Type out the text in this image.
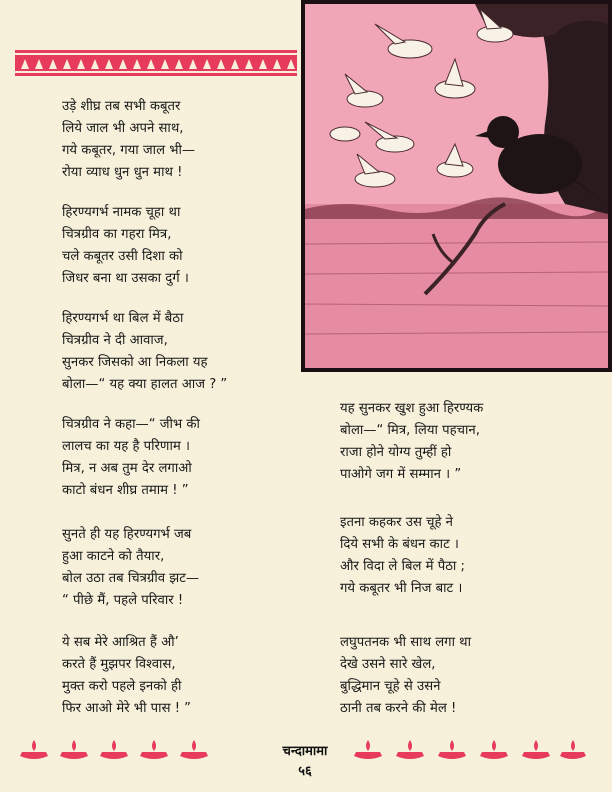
उड़े शीघ्र तब सभी कबूतर
लिये जाल भी अपने साथ,
गये कबूतर, गया जाल भी—
रोया व्याध धुन धुन माथ !
हिरण्यगर्भ नामक चूहा था
चित्रग्रीव का गहरा मित्र,
चले कबूतर उसी दिशा को
जिधर बना था उसका दुर्ग ।
हिरण्यगर्भ था बिल में बैठा
चित्रग्रीव ने दी आवाज,
सुनकर जिसको आ निकला यह
बोला—“ यह क्या हालत आज ? ”
चित्रग्रीव ने कहा—“ जीभ की
लालच का यह है परिणाम ।
मित्र, न अब तुम देर लगाओ
काटो बंधन शीघ्र तमाम ! ”
सुनते ही यह हिरण्यगर्भ जब
हुआ काटने को तैयार,
बोल उठा तब चित्रग्रीव झट—
“ पीछे मैं, पहले परिवार !
ये सब मेरे आश्रित हैं औ’
करते हैं मुझपर विश्वास,
मुक्त करो पहले इनको ही
फिर आओ मेरे भी पास ! ”
यह सुनकर खुश हुआ हिरण्यक
बोला—“ मित्र, लिया पहचान,
राजा होने योग्य तुम्हीं हो
पाओगे जग में सम्मान । ”
इतना कहकर उस चूहे ने
दिये सभी के बंधन काट ।
और विदा ले बिल में पैठा ;
गये कबूतर भी निज बाट ।
लघुपतनक भी साथ लगा था
देखे उसने सारे खेल,
बुद्धिमान चूहे से उसने
ठानी तब करने की मेल !
चन्दामामा
५६
